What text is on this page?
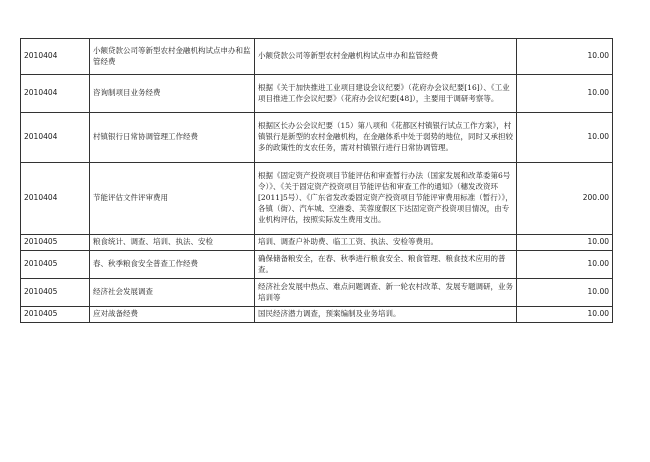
2010404	小额贷款公司等新型农村金融机构试点申办和监管经费	小额贷款公司等新型农村金融机构试点申办和监管经费	10.00
2010404	咨询制项目业务经费	根据《关于加快推进工业项目建设会议纪要》（花府办会议纪要[16]）、《工业项目推进工作会议纪要》（花府办会议纪要[48]），主要用于调研考察等。	10.00
2010404	村镇银行日常协调管理工作经费	根据区长办公会议纪要（15）第八项和《花都区村镇银行试点工作方案》，村镇银行是新型的农村金融机构，在金融体系中处于弱势的地位，同时又承担较多的政策性的支农任务，需对村镇银行进行日常协调管理。	10.00
2010404	节能评估文件评审费用	根据《固定资产投资项目节能评估和审查暂行办法（国家发展和改革委第6号令）》、《关于固定资产投资项目节能评估和审查工作的通知》（穗发改资环[2011]5号）、《广东省发改委固定资产投资项目节能评审费用标准（暂行）》，各镇（街）、汽车城、空港委、芙蓉度假区下达固定资产投资项目情况，由专业机构评估，按照实际发生费用支出。	200.00
2010405	粮食统计、调查、培训、执法、安检	培训、调查户补助费、临工工资、执法、安检等费用。	10.00
2010405	春、秋季粮食安全普查工作经费	确保储备粮安全，在春、秋季进行粮食安全、粮食管理、粮食技术应用的普查。	10.00
2010405	经济社会发展调查	经济社会发展中热点、难点问题调查、新一轮农村改革、发展专题调研，业务培训等	10.00
2010405	应对战备经费	国民经济潜力调查，预案编制及业务培训。	10.00
